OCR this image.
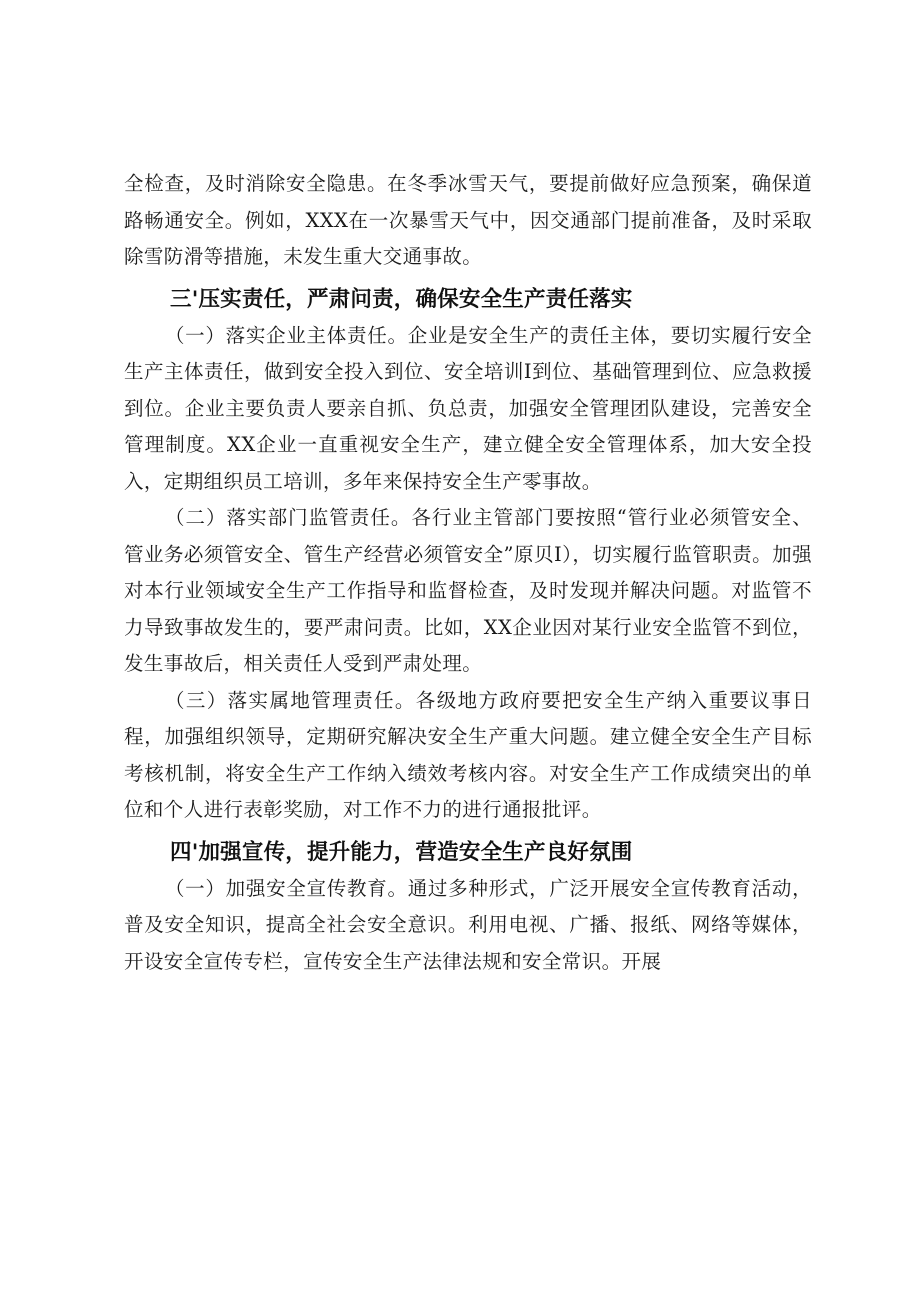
全检查，及时消除安全隐患。在冬季冰雪天气，要提前做好应急预案，确保道路畅通安全。例如，XXX在一次暴雪天气中，因交通部门提前准备，及时采取除雪防滑等措施，未发生重大交通事故。

三'压实责任，严肃问责，确保安全生产责任落实

（一）落实企业主体责任。企业是安全生产的责任主体，要切实履行安全生产主体责任，做到安全投入到位、安全培训I到位、基础管理到位、应急救援到位。企业主要负责人要亲自抓、负总责，加强安全管理团队建设，完善安全管理制度。XX企业一直重视安全生产，建立健全安全管理体系，加大安全投入，定期组织员工培训，多年来保持安全生产零事故。

（二）落实部门监管责任。各行业主管部门要按照“管行业必须管安全、管业务必须管安全、管生产经营必须管安全”原贝I），切实履行监管职责。加强对本行业领域安全生产工作指导和监督检查，及时发现并解决问题。对监管不力导致事故发生的，要严肃问责。比如，XX企业因对某行业安全监管不到位，发生事故后，相关责任人受到严肃处理。

（三）落实属地管理责任。各级地方政府要把安全生产纳入重要议事日程，加强组织领导，定期研究解决安全生产重大问题。建立健全安全生产目标考核机制，将安全生产工作纳入绩效考核内容。对安全生产工作成绩突出的单位和个人进行表彰奖励，对工作不力的进行通报批评。

四'加强宣传，提升能力，营造安全生产良好氛围

（一）加强安全宣传教育。通过多种形式，广泛开展安全宣传教育活动，普及安全知识，提高全社会安全意识。利用电视、广播、报纸、网络等媒体，开设安全宣传专栏，宣传安全生产法律法规和安全常识。开展
